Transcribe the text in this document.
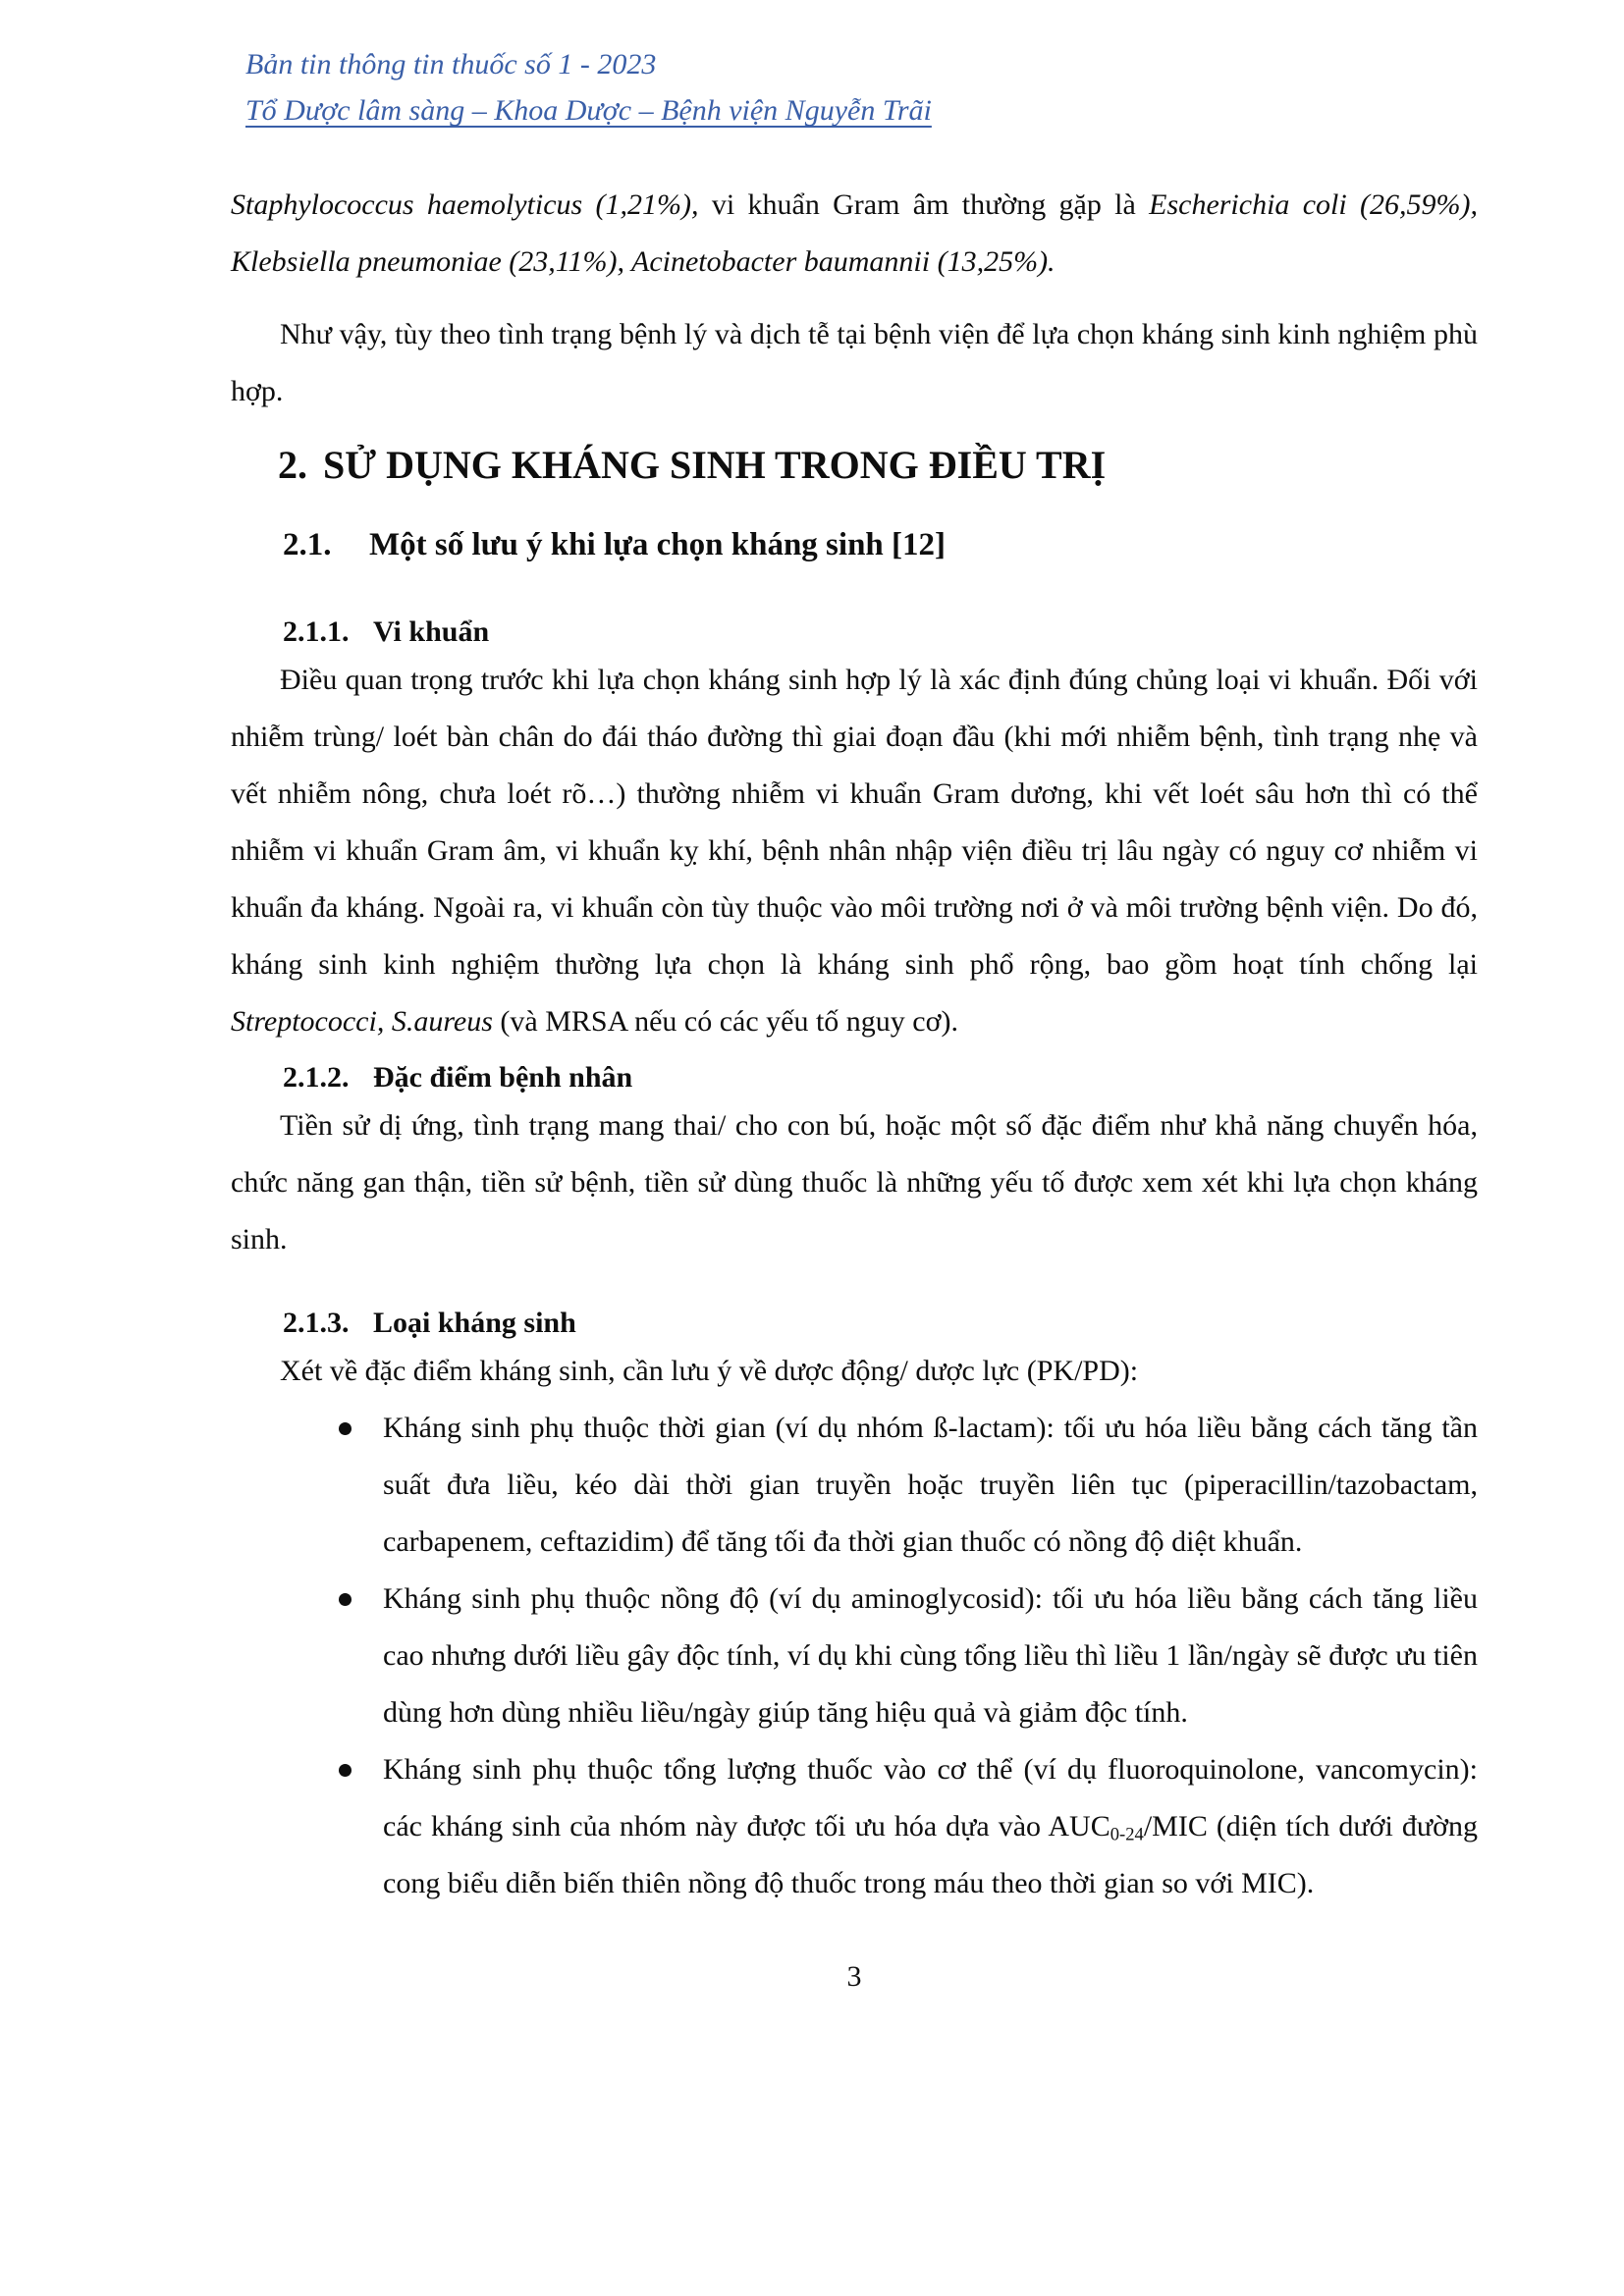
Bản tin thông tin thuốc số 1 - 2023
Tổ Dược lâm sàng – Khoa Dược – Bệnh viện Nguyễn Trãi

Staphylococcus haemolyticus (1,21%), vi khuẩn Gram âm thường gặp là Escherichia coli (26,59%), Klebsiella pneumoniae (23,11%), Acinetobacter baumannii (13,25%).

Như vậy, tùy theo tình trạng bệnh lý và dịch tễ tại bệnh viện để lựa chọn kháng sinh kinh nghiệm phù hợp.

2. SỬ DỤNG KHÁNG SINH TRONG ĐIỀU TRỊ
2.1. Một số lưu ý khi lựa chọn kháng sinh [12]
2.1.1. Vi khuẩn

Điều quan trọng trước khi lựa chọn kháng sinh hợp lý là xác định đúng chủng loại vi khuẩn. Đối với nhiễm trùng/ loét bàn chân do đái tháo đường thì giai đoạn đầu (khi mới nhiễm bệnh, tình trạng nhẹ và vết nhiễm nông, chưa loét rõ…) thường nhiễm vi khuẩn Gram dương, khi vết loét sâu hơn thì có thể nhiễm vi khuẩn Gram âm, vi khuẩn kỵ khí, bệnh nhân nhập viện điều trị lâu ngày có nguy cơ nhiễm vi khuẩn đa kháng. Ngoài ra, vi khuẩn còn tùy thuộc vào môi trường nơi ở và môi trường bệnh viện. Do đó, kháng sinh kinh nghiệm thường lựa chọn là kháng sinh phổ rộng, bao gồm hoạt tính chống lại Streptococci, S.aureus (và MRSA nếu có các yếu tố nguy cơ).

2.1.2. Đặc điểm bệnh nhân

Tiền sử dị ứng, tình trạng mang thai/ cho con bú, hoặc một số đặc điểm như khả năng chuyển hóa, chức năng gan thận, tiền sử bệnh, tiền sử dùng thuốc là những yếu tố được xem xét khi lựa chọn kháng sinh.

2.1.3. Loại kháng sinh

Xét về đặc điểm kháng sinh, cần lưu ý về dược động/ dược lực (PK/PD):

Kháng sinh phụ thuộc thời gian (ví dụ nhóm ß-lactam): tối ưu hóa liều bằng cách tăng tần suất đưa liều, kéo dài thời gian truyền hoặc truyền liên tục (piperacillin/tazobactam, carbapenem, ceftazidim) để tăng tối đa thời gian thuốc có nồng độ diệt khuẩn.
Kháng sinh phụ thuộc nồng độ (ví dụ aminoglycosid): tối ưu hóa liều bằng cách tăng liều cao nhưng dưới liều gây độc tính, ví dụ khi cùng tổng liều thì liều 1 lần/ngày sẽ được ưu tiên dùng hơn dùng nhiều liều/ngày giúp tăng hiệu quả và giảm độc tính.
Kháng sinh phụ thuộc tổng lượng thuốc vào cơ thể (ví dụ fluoroquinolone, vancomycin): các kháng sinh của nhóm này được tối ưu hóa dựa vào $AUC_{0-24}$/MIC (diện tích dưới đường cong biểu diễn biến thiên nồng độ thuốc trong máu theo thời gian so với MIC).
3
